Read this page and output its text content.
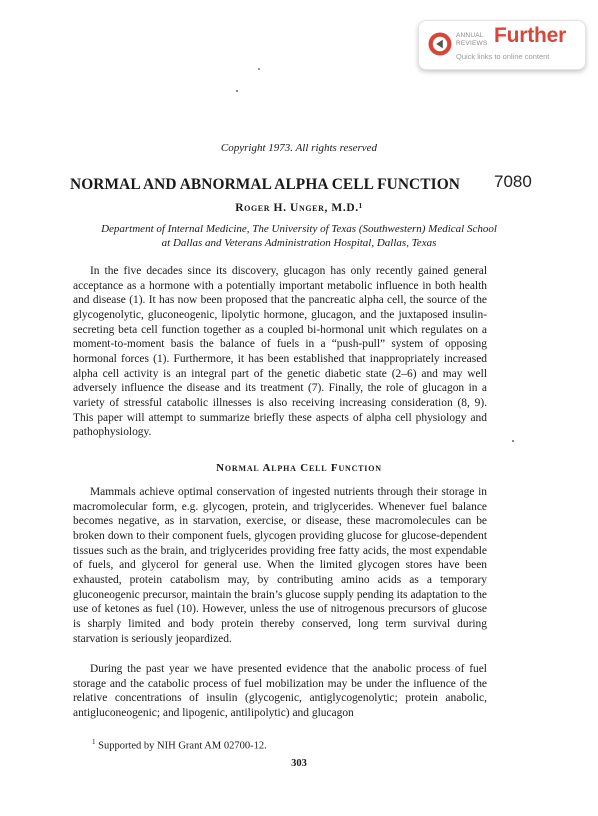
ANNUAL
REVIEWS Further
Quick links to online content
Copyright 1973. All rights reserved
NORMAL AND ABNORMAL ALPHA CELL FUNCTION 7080
Roger H. Unger, M.D.¹
Department of Internal Medicine, The University of Texas (Southwestern) Medical School
at Dallas and Veterans Administration Hospital, Dallas, Texas

In the five decades since its discovery, glucagon has only recently gained general acceptance as a hormone with a potentially important metabolic influence in both health and disease (1). It has now been proposed that the pancreatic alpha cell, the source of the glycogenolytic, gluconeogenic, lipolytic hormone, glucagon, and the juxtaposed insulin-secreting beta cell function together as a coupled bi-hormonal unit which regulates on a moment-to-moment basis the balance of fuels in a “push-pull” system of opposing hormonal forces (1). Furthermore, it has been established that inappropriately increased alpha cell activity is an integral part of the genetic diabetic state (2–6) and may well adversely influence the disease and its treatment (7). Finally, the role of glucagon in a variety of stressful catabolic illnesses is also receiving increasing consideration (8, 9). This paper will attempt to summarize briefly these aspects of alpha cell physiology and pathophysiology.

Normal Alpha Cell Function

Mammals achieve optimal conservation of ingested nutrients through their storage in macromolecular form, e.g. glycogen, protein, and triglycerides. Whenever fuel balance becomes negative, as in starvation, exercise, or disease, these macromolecules can be broken down to their component fuels, glycogen providing glucose for glucose-dependent tissues such as the brain, and triglycerides providing free fatty acids, the most expendable of fuels, and glycerol for general use. When the limited glycogen stores have been exhausted, protein catabolism may, by contributing amino acids as a temporary gluconeogenic precursor, maintain the brain’s glucose supply pending its adaptation to the use of ketones as fuel (10). However, unless the use of nitrogenous precursors of glucose is sharply limited and body protein thereby conserved, long term survival during starvation is seriously jeopardized.

During the past year we have presented evidence that the anabolic process of fuel storage and the catabolic process of fuel mobilization may be under the influence of the relative concentrations of insulin (glycogenic, antiglycogenolytic; protein anabolic, antigluconeogenic; and lipogenic, antilipolytic) and glucagon

$^1$ Supported by NIH Grant AM 02700-12.
303
